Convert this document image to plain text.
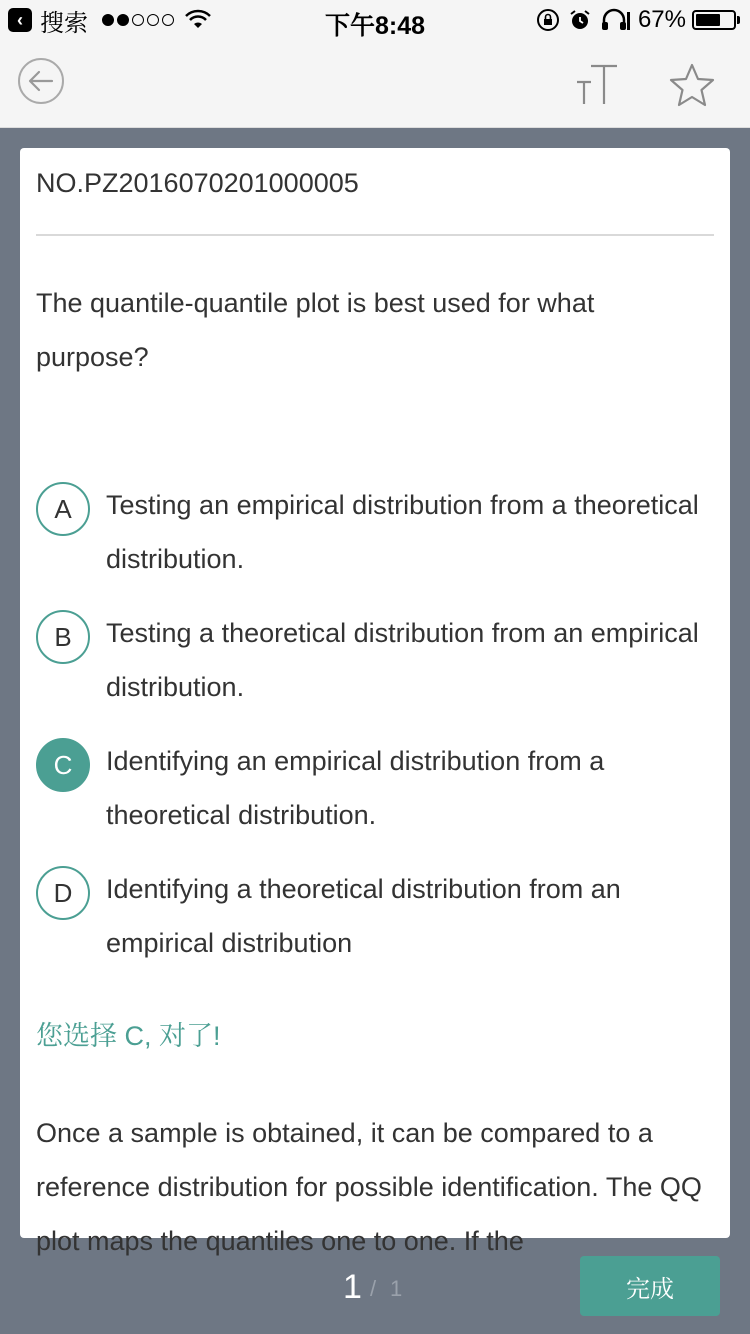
‹ 搜索	下午8:48	67%
NO.PZ2016070201000005
The quantile-quantile plot is best used for what purpose?
A	Testing an empirical distribution from a theoretical distribution.
B	Testing a theoretical distribution from an empirical distribution.
C	Identifying an empirical distribution from a theoretical distribution.
D	Identifying a theoretical distribution from an empirical distribution
您选择 C, 对了!
Once a sample is obtained, it can be compared to a reference distribution for possible identification. The QQ plot maps the quantiles one to one. If the
1 / 1	完成
